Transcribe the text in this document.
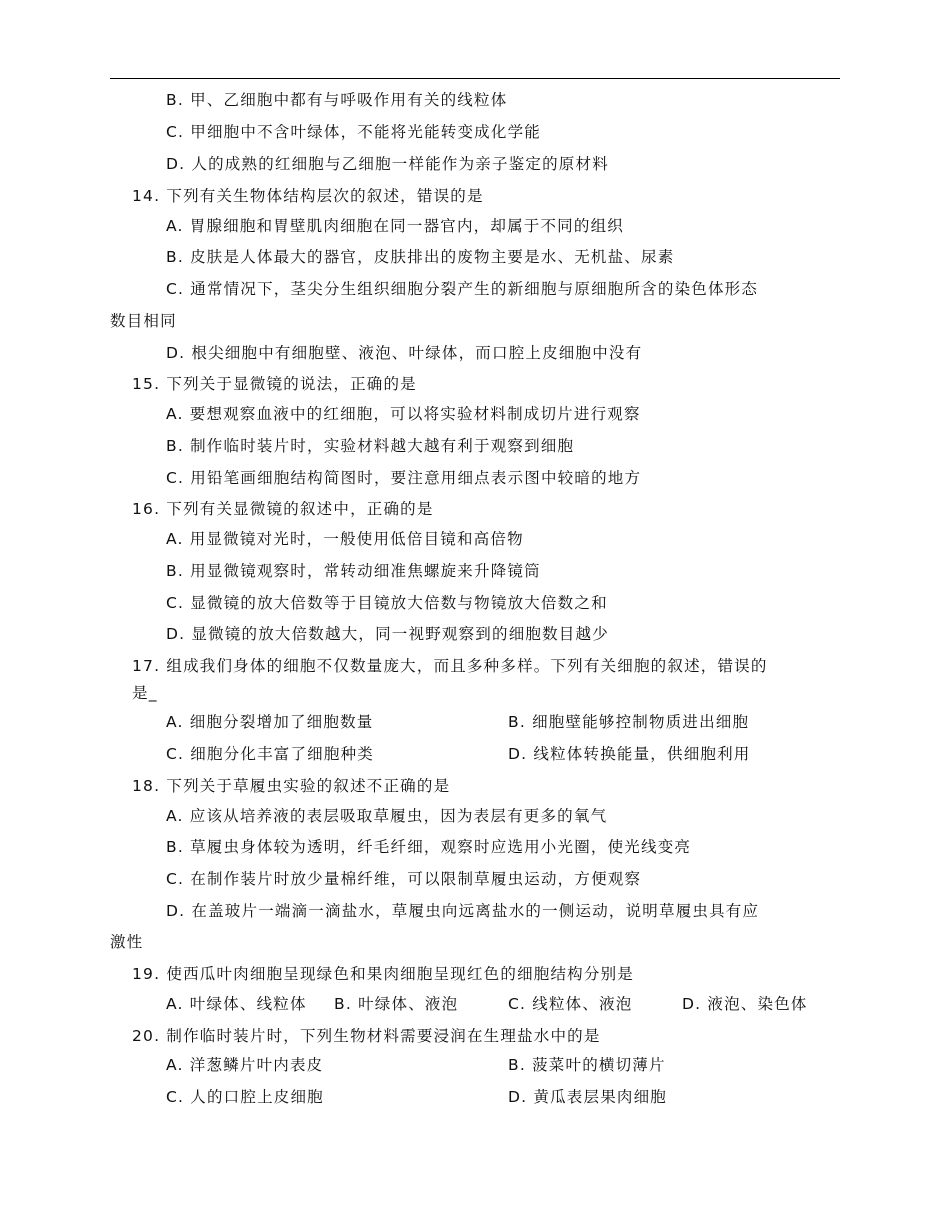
B. 甲、乙细胞中都有与呼吸作用有关的线粒体
C. 甲细胞中不含叶绿体，不能将光能转变成化学能
D. 人的成熟的红细胞与乙细胞一样能作为亲子鉴定的原材料
14. 下列有关生物体结构层次的叙述，错误的是
A. 胃腺细胞和胃壁肌肉细胞在同一器官内，却属于不同的组织
B. 皮肤是人体最大的器官，皮肤排出的废物主要是水、无机盐、尿素
C. 通常情况下，茎尖分生组织细胞分裂产生的新细胞与原细胞所含的染色体形态
数目相同
D. 根尖细胞中有细胞壁、液泡、叶绿体，而口腔上皮细胞中没有
15. 下列关于显微镜的说法，正确的是
A. 要想观察血液中的红细胞，可以将实验材料制成切片进行观察
B. 制作临时装片时，实验材料越大越有利于观察到细胞
C. 用铅笔画细胞结构简图时，要注意用细点表示图中较暗的地方
16. 下列有关显微镜的叙述中，正确的是
A. 用显微镜对光时，一般使用低倍目镜和高倍物
B. 用显微镜观察时，常转动细准焦螺旋来升降镜筒
C. 显微镜的放大倍数等于目镜放大倍数与物镜放大倍数之和
D. 显微镜的放大倍数越大，同一视野观察到的细胞数目越少
17. 组成我们身体的细胞不仅数量庞大，而且多种多样。下列有关细胞的叙述，错误的
是_
A. 细胞分裂增加了细胞数量	B. 细胞壁能够控制物质进出细胞
C. 细胞分化丰富了细胞种类	D. 线粒体转换能量，供细胞利用
18. 下列关于草履虫实验的叙述不正确的是
A. 应该从培养液的表层吸取草履虫，因为表层有更多的氧气
B. 草履虫身体较为透明，纤毛纤细，观察时应选用小光圈，使光线变亮
C. 在制作装片时放少量棉纤维，可以限制草履虫运动，方便观察
D. 在盖玻片一端滴一滴盐水，草履虫向远离盐水的一侧运动，说明草履虫具有应
激性
19. 使西瓜叶肉细胞呈现绿色和果肉细胞呈现红色的细胞结构分别是
A. 叶绿体、线粒体 B. 叶绿体、液泡	C. 线粒体、液泡	D. 液泡、染色体
20. 制作临时装片时，下列生物材料需要浸润在生理盐水中的是
A. 洋葱鳞片叶内表皮	B. 菠菜叶的横切薄片
C. 人的口腔上皮细胞	D. 黄瓜表层果肉细胞
